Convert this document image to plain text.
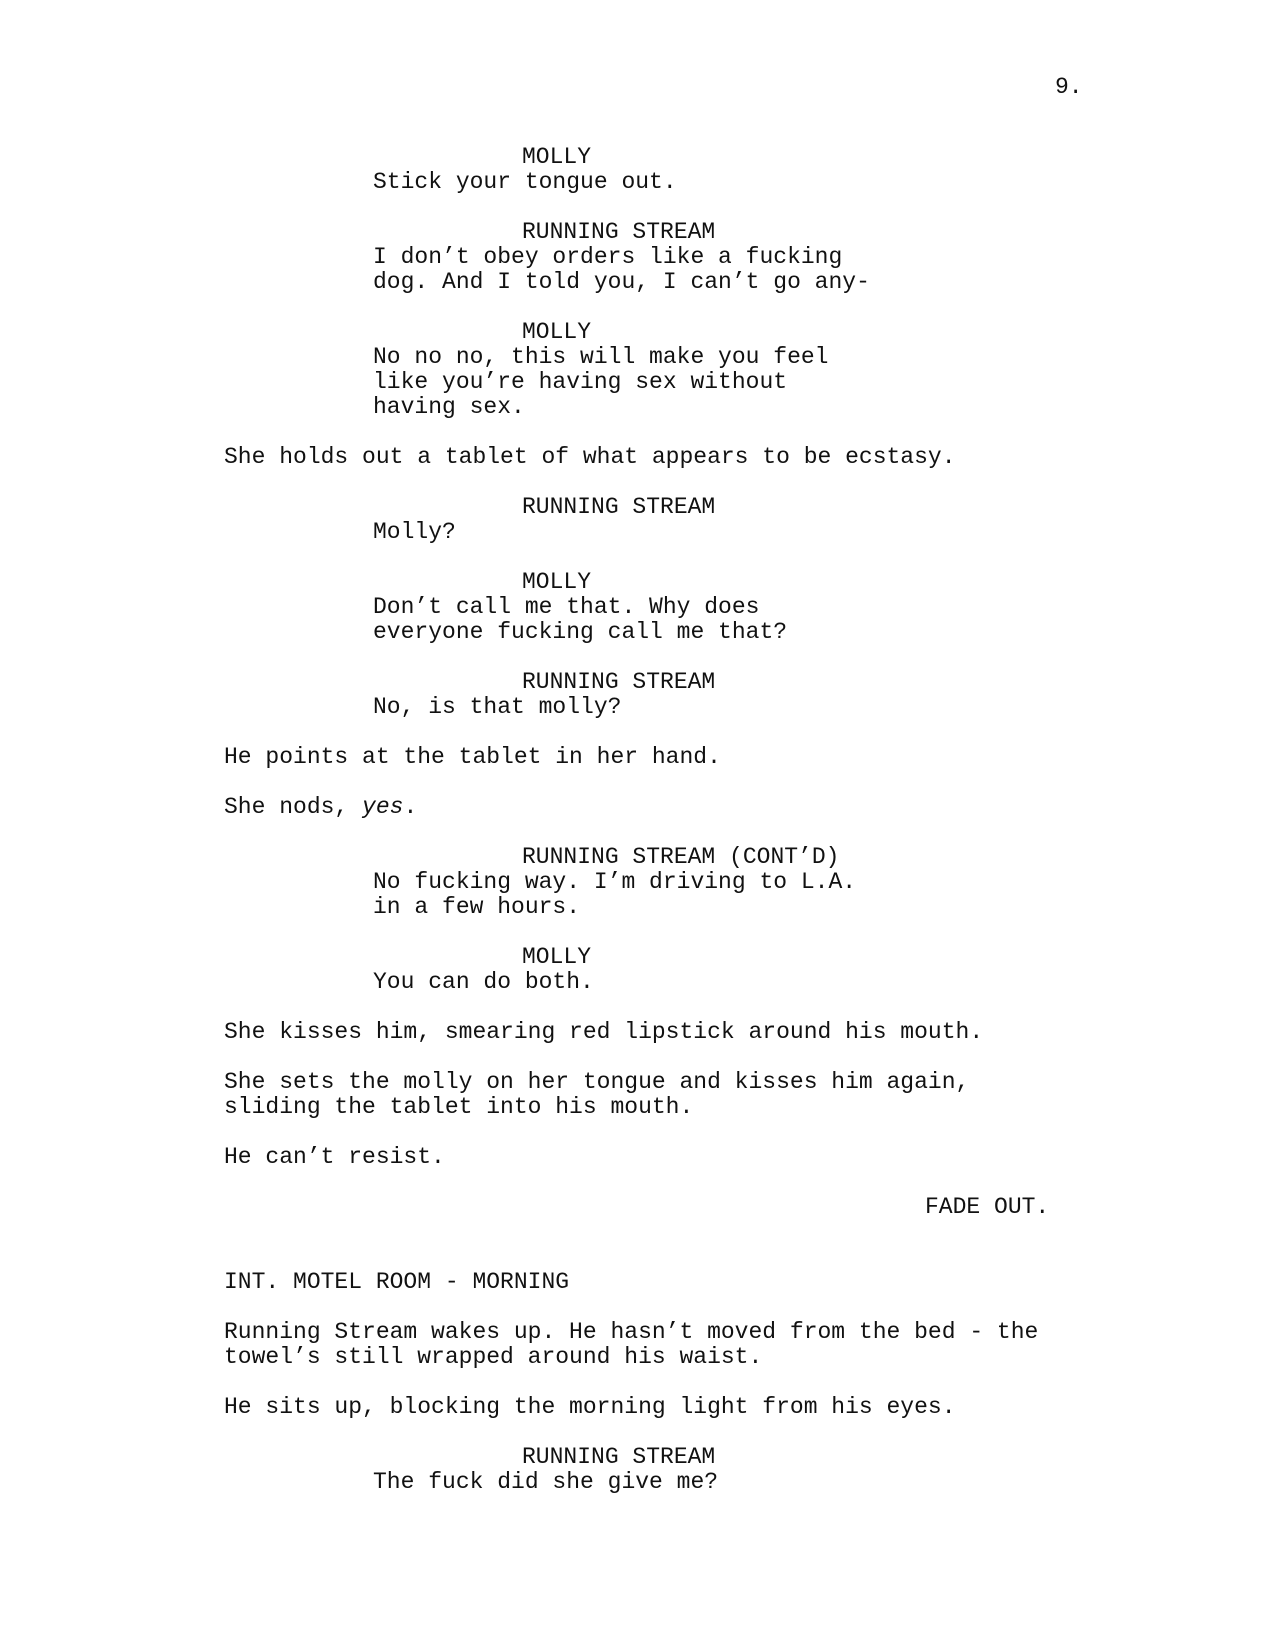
9.
MOLLY
Stick your tongue out.
RUNNING STREAM
I don’t obey orders like a fucking
dog. And I told you, I can’t go any-
MOLLY
No no no, this will make you feel
like you’re having sex without
having sex.
She holds out a tablet of what appears to be ecstasy.
RUNNING STREAM
Molly?
MOLLY
Don’t call me that. Why does
everyone fucking call me that?
RUNNING STREAM
No, is that molly?
He points at the tablet in her hand.
She nods, yes.
RUNNING STREAM (CONT’D)
No fucking way. I’m driving to L.A.
in a few hours.
MOLLY
You can do both.
She kisses him, smearing red lipstick around his mouth.
She sets the molly on her tongue and kisses him again,
sliding the tablet into his mouth.
He can’t resist.
FADE OUT.
INT. MOTEL ROOM - MORNING
Running Stream wakes up. He hasn’t moved from the bed - the
towel’s still wrapped around his waist.
He sits up, blocking the morning light from his eyes.
RUNNING STREAM
The fuck did she give me?
